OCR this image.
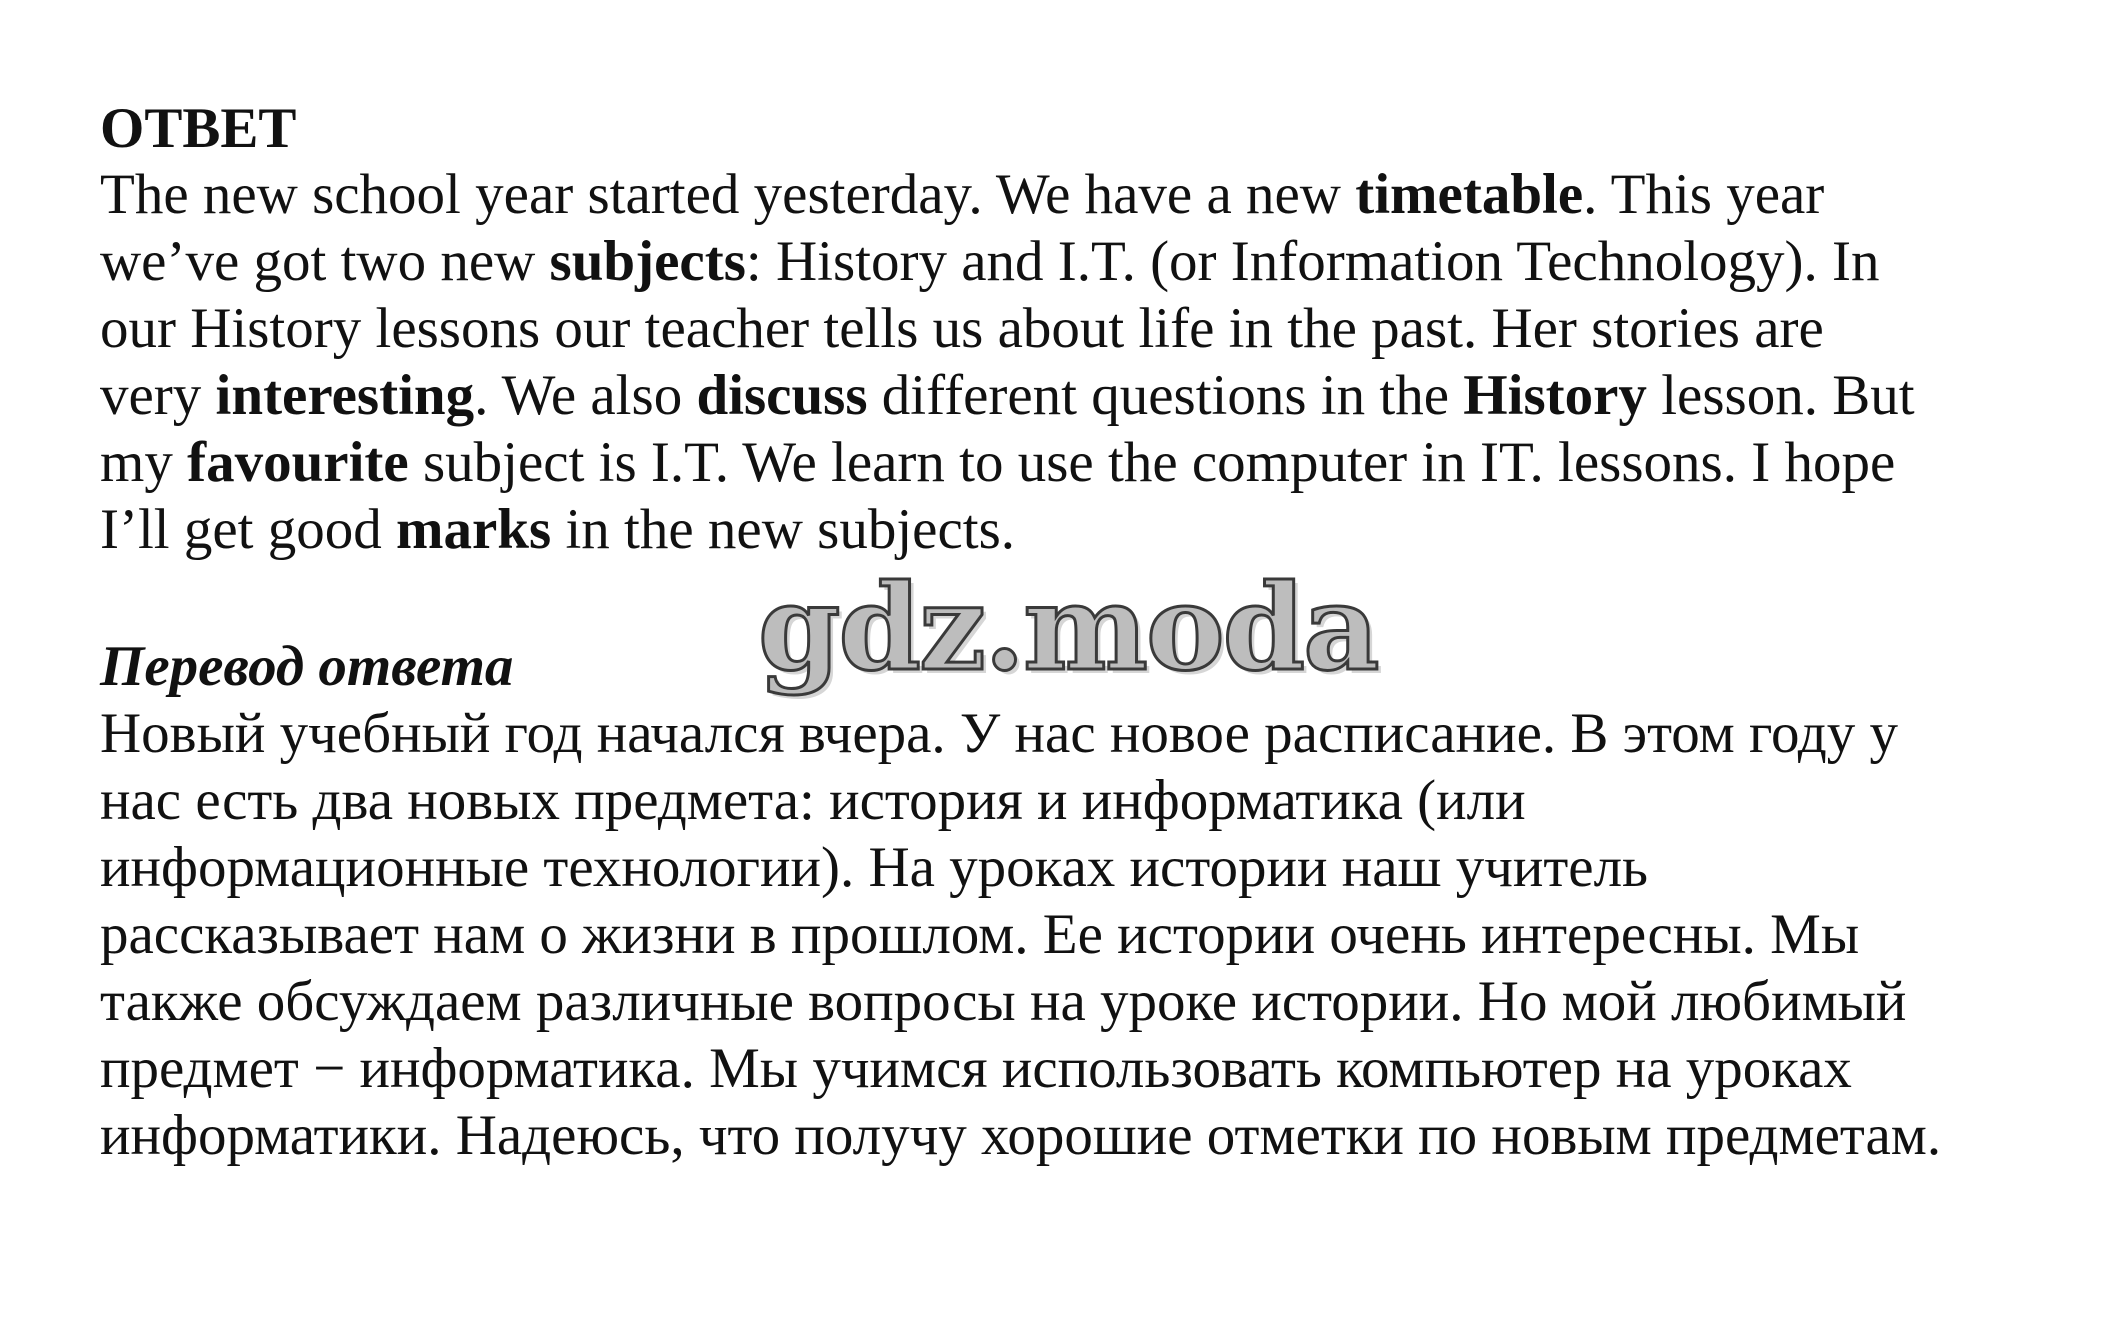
ОТВЕТ
The new school year started yesterday. We have a new timetable. This year
we’ve got two new subjects: History and I.T. (or Information Technology). In
our History lessons our teacher tells us about life in the past. Her stories are
very interesting. We also discuss different questions in the History lesson. But
my favourite subject is I.T. We learn to use the computer in IT. lessons. I hope
I’ll get good marks in the new subjects.
gdz.moda
Перевод ответа
Новый учебный год начался вчера. У нас новое расписание. В этом году у
нас есть два новых предмета: история и информатика (или
информационные технологии). На уроках истории наш учитель
рассказывает нам о жизни в прошлом. Ее истории очень интересны. Мы
также обсуждаем различные вопросы на уроке истории. Но мой любимый
предмет − информатика. Мы учимся использовать компьютер на уроках
информатики. Надеюсь, что получу хорошие отметки по новым предметам.
